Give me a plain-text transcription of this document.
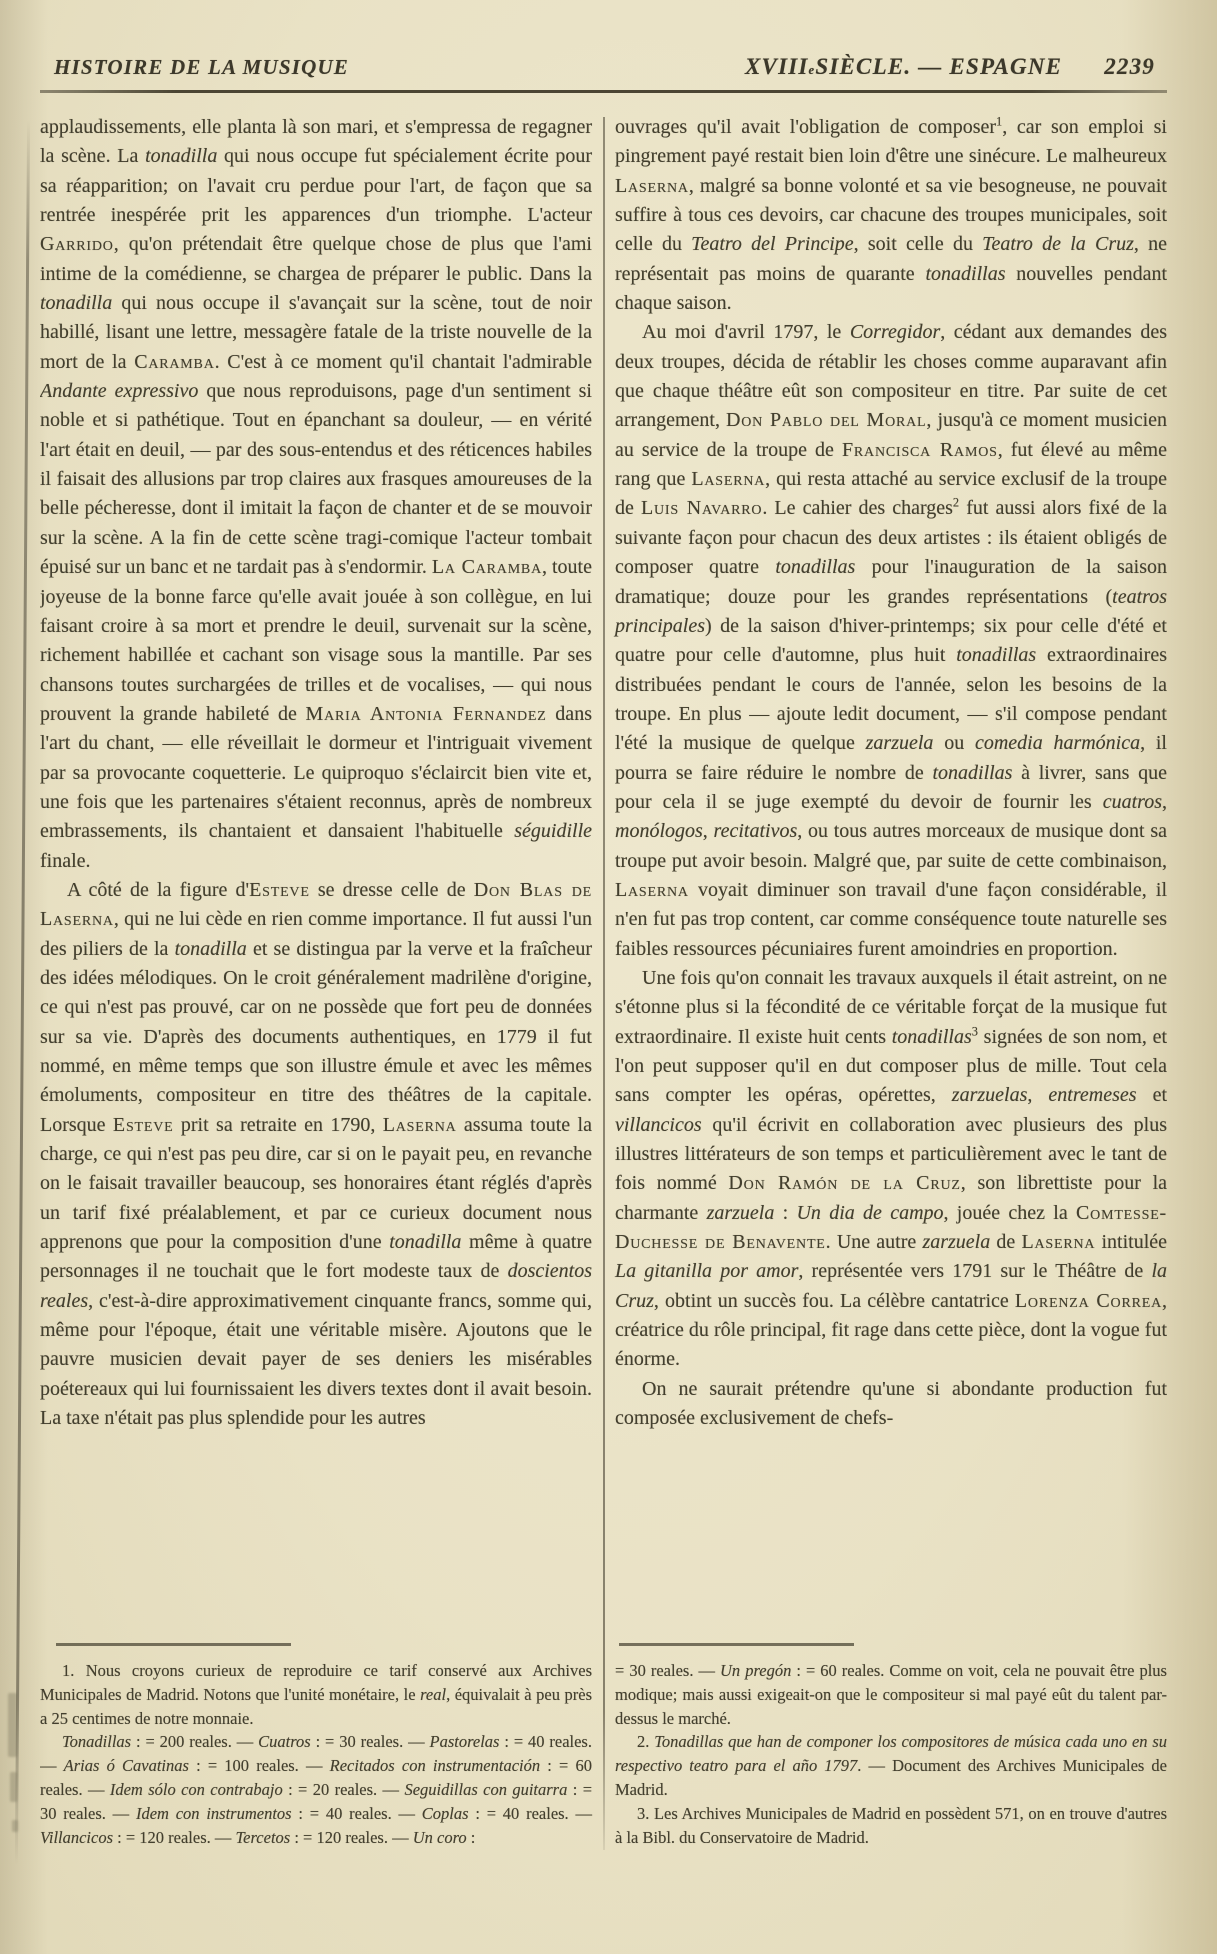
HISTOIRE DE LA MUSIQUE	XVIII e SIÈCLE. — ESPAGNE 2239

applaudissements, elle planta là son mari, et s'empressa de regagner la scène. La tonadilla qui nous occupe fut spécialement écrite pour sa réapparition; on l'avait cru perdue pour l'art, de façon que sa rentrée inespérée prit les apparences d'un triomphe. L'acteur Garrido, qu'on prétendait être quelque chose de plus que l'ami intime de la comédienne, se chargea de préparer le public. Dans la tonadilla qui nous occupe il s'avançait sur la scène, tout de noir habillé, lisant une lettre, messagère fatale de la triste nouvelle de la mort de la Caramba. C'est à ce moment qu'il chantait l'admirable Andante expressivo que nous reproduisons, page d'un sentiment si noble et si pathétique. Tout en épanchant sa douleur, — en vérité l'art était en deuil, — par des sous-entendus et des réticences habiles il faisait des allusions par trop claires aux frasques amoureuses de la belle pécheresse, dont il imitait la façon de chanter et de se mouvoir sur la scène. A la fin de cette scène tragi-comique l'acteur tombait épuisé sur un banc et ne tardait pas à s'endormir. La Caramba, toute joyeuse de la bonne farce qu'elle avait jouée à son collègue, en lui faisant croire à sa mort et prendre le deuil, survenait sur la scène, richement habillée et cachant son visage sous la mantille. Par ses chansons toutes surchargées de trilles et de vocalises, — qui nous prouvent la grande habileté de Maria Antonia Fernandez dans l'art du chant, — elle réveillait le dormeur et l'intriguait vivement par sa provocante coquetterie. Le quiproquo s'éclaircit bien vite et, une fois que les partenaires s'étaient reconnus, après de nombreux embrassements, ils chantaient et dansaient l'habituelle séguidille finale.

A côté de la figure d'Esteve se dresse celle de Don Blas de Laserna, qui ne lui cède en rien comme importance. Il fut aussi l'un des piliers de la tonadilla et se distingua par la verve et la fraîcheur des idées mélodiques. On le croit généralement madrilène d'origine, ce qui n'est pas prouvé, car on ne possède que fort peu de données sur sa vie. D'après des documents authentiques, en 1779 il fut nommé, en même temps que son illustre émule et avec les mêmes émoluments, compositeur en titre des théâtres de la capitale. Lorsque Esteve prit sa retraite en 1790, Laserna assuma toute la charge, ce qui n'est pas peu dire, car si on le payait peu, en revanche on le faisait travailler beaucoup, ses honoraires étant réglés d'après un tarif fixé préalablement, et par ce curieux document nous apprenons que pour la composition d'une tonadilla même à quatre personnages il ne touchait que le fort modeste taux de doscientos reales, c'est-à-dire approximativement cinquante francs, somme qui, même pour l'époque, était une véritable misère. Ajoutons que le pauvre musicien devait payer de ses deniers les misérables poétereaux qui lui fournissaient les divers textes dont il avait besoin. La taxe n'était pas plus splendide pour les autres

1. Nous croyons curieux de reproduire ce tarif conservé aux Archives Municipales de Madrid. Notons que l'unité monétaire, le real, équivalait à peu près a 25 centimes de notre monnaie.

Tonadillas : = 200 reales. — Cuatros : = 30 reales. — Pastorelas : = 40 reales. — Arias ó Cavatinas : = 100 reales. — Recitados con instrumentación : = 60 reales. — Idem sólo con contrabajo : = 20 reales. — Seguidillas con guitarra : = 30 reales. — Idem con instrumentos : = 40 reales. — Coplas : = 40 reales. — Villancicos : = 120 reales. — Tercetos : = 120 reales. — Un coro :

ouvrages qu'il avait l'obligation de composer$^1$, car son emploi si pingrement payé restait bien loin d'être une sinécure. Le malheureux Laserna, malgré sa bonne volonté et sa vie besogneuse, ne pouvait suffire à tous ces devoirs, car chacune des troupes municipales, soit celle du Teatro del Principe, soit celle du Teatro de la Cruz, ne représentait pas moins de quarante tonadillas nouvelles pendant chaque saison.

Au moi d'avril 1797, le Corregidor, cédant aux demandes des deux troupes, décida de rétablir les choses comme auparavant afin que chaque théâtre eût son compositeur en titre. Par suite de cet arrangement, Don Pablo del Moral, jusqu'à ce moment musicien au service de la troupe de Francisca Ramos, fut élevé au même rang que Laserna, qui resta attaché au service exclusif de la troupe de Luis Navarro. Le cahier des charges$^2$ fut aussi alors fixé de la suivante façon pour chacun des deux artistes : ils étaient obligés de composer quatre tonadillas pour l'inauguration de la saison dramatique; douze pour les grandes représentations (teatros principales) de la saison d'hiver-printemps; six pour celle d'été et quatre pour celle d'automne, plus huit tonadillas extraordinaires distribuées pendant le cours de l'année, selon les besoins de la troupe. En plus — ajoute ledit document, — s'il compose pendant l'été la musique de quelque zarzuela ou comedia harmónica, il pourra se faire réduire le nombre de tonadillas à livrer, sans que pour cela il se juge exempté du devoir de fournir les cuatros, monólogos, recitativos, ou tous autres morceaux de musique dont sa troupe put avoir besoin. Malgré que, par suite de cette combinaison, Laserna voyait diminuer son travail d'une façon considérable, il n'en fut pas trop content, car comme conséquence toute naturelle ses faibles ressources pécuniaires furent amoindries en proportion.

Une fois qu'on connait les travaux auxquels il était astreint, on ne s'étonne plus si la fécondité de ce véritable forçat de la musique fut extraordinaire. Il existe huit cents tonadillas$^3$ signées de son nom, et l'on peut supposer qu'il en dut composer plus de mille. Tout cela sans compter les opéras, opérettes, zarzuelas, entremeses et villancicos qu'il écrivit en collaboration avec plusieurs des plus illustres littérateurs de son temps et particulièrement avec le tant de fois nommé Don Ramón de la Cruz, son librettiste pour la charmante zarzuela : Un dia de campo, jouée chez la Comtesse-Duchesse de Benavente. Une autre zarzuela de Laserna intitulée La gitanilla por amor, représentée vers 1791 sur le Théâtre de la Cruz, obtint un succès fou. La célèbre cantatrice Lorenza Correa, créatrice du rôle principal, fit rage dans cette pièce, dont la vogue fut énorme.

On ne saurait prétendre qu'une si abondante production fut composée exclusivement de chefs-

= 30 reales. — Un pregón : = 60 reales. Comme on voit, cela ne pouvait être plus modique; mais aussi exigeait-on que le compositeur si mal payé eût du talent par-dessus le marché.

2. Tonadillas que han de componer los compositores de música cada uno en su respectivo teatro para el año 1797. — Document des Archives Municipales de Madrid.

3. Les Archives Municipales de Madrid en possèdent 571, on en trouve d'autres à la Bibl. du Conservatoire de Madrid.
